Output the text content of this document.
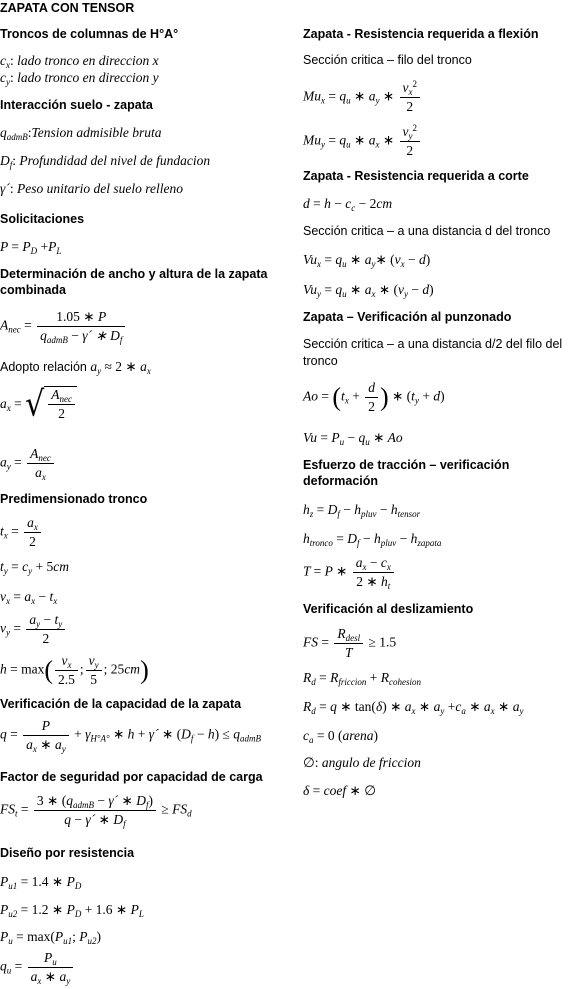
ZAPATA CON TENSOR
Troncos de columnas de H°A°
$c_x$: lado tronco en direccion x
$c_y$: lado tronco en direccion y
Interacción suelo - zapata
$q_{admB}:Tension$ admisible bruta
$D_f$: Profundidad del nivel de fundacion
γ´: Peso unitario del suelo relleno
Solicitaciones
$P = P_D +P_L$
Determinación de ancho y altura de la zapata combinada
$A_{nec}$ =
1.05 ∗ P
$q_{admB}$ − γ´ ∗ $D_f$
Adopto relación $a_y \approx 2$ ∗ $a_x$
$a_x$ = √ $A_{nec}$
2
$a_y$ =
$A_{nec}$
$a_x$
Predimensionado tronco
$t_x = \frac{a_x}{2}$
$t_y = c_y + 5cm$
$v_x = a_x - t_x$
$v_y = \frac{a_y - t_y}{2}$
$h = \max( \frac{v_x}{2.5}$ ; $\frac{v_y}{5}$ ; 25cm)
Verificación de la capacidad de la zapata
$q = \frac{P}{a_x ∗ a_y} + \gamma_{H^\circ A^\circ}$ ∗ h + γ´ ∗ $(D_f - h) \le q_{admB}$
Factor de seguridad por capacidad de carga
$FS_t$ =
3 ∗ ($q_{admB}$ − γ´ ∗ $D_f$)
q − γ´ ∗ $D_f$
≥ $FS_d$
Diseño por resistencia
$P_{u1} = 1.4$ ∗ $P_D$
$P_{u2} = 1.2$ ∗ $P_D + 1.6$ ∗ $P_L$
$P_u = \max(P_{u1}$; $P_{u2}$)
$q_u = \frac{P_u}{a_x ∗ a_y}$
Zapata - Resistencia requerida a flexión
Sección critica – filo del tronco
$Mu_x = q_u$ ∗ $a_y$ ∗ $\frac{v_x^2}{2}$
$Mu_y = q_u$ ∗ $a_x$ ∗ $\frac{v_y^2}{2}$
Zapata - Resistencia requerida a corte
$d = h - c_c - 2cm$
Sección critica – a una distancia d del tronco
$Vu_x = q_u$ ∗ $a_y∗$ $(v_x - d)$
$Vu_y = q_u$ ∗ $a_x$ ∗ $(v_y - d)$
Zapata – Verificación al punzonado
Sección critica – a una distancia d/2 del filo del tronco
$Ao = (t_x + \frac{d}{2}$ ) ∗ $(t_y + d)$
$Vu = P_u - q_u$ ∗ Ao
Esfuerzo de tracción – verificación deformación
$h_z = D_f - h_{pluv} - h_{tensor}$
$h_{tronco} = D_f - h_{pluv} - h_{zapata}$
T = P ∗ $\frac{a_x - c_x}{2 ∗ h_t}$
Verificación al deslizamiento
FS =
$R_{desl}$
T
≥ 1.5
$R_d = R_{friccion} + R_{cohesion}$
$R_d = q$ ∗ tan(δ) ∗ $a_x$ ∗ $a_y +c_a$ ∗ $a_x$ ∗ $a_y$
$c_a = 0$ (arena)
∅: angulo de friccion
δ = coef ∗ ∅
